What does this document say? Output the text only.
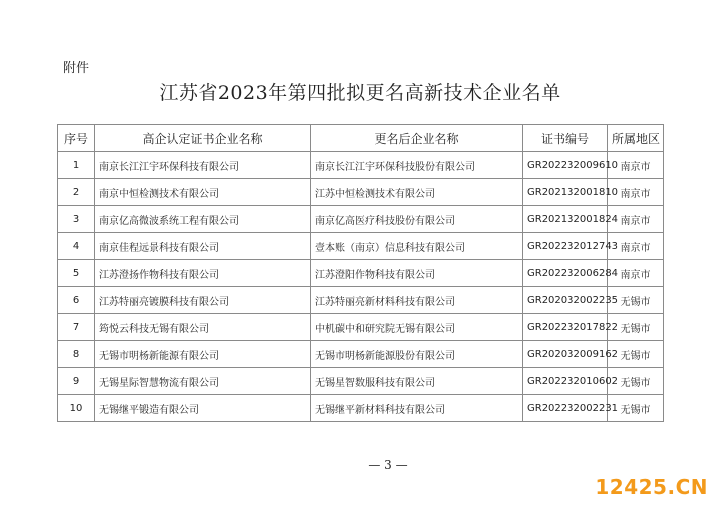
附件
江苏省2023年第四批拟更名高新技术企业名单
序号	高企认定证书企业名称	更名后企业名称	证书编号	所属地区
1	南京长江江宇环保科技有限公司	南京长江江宇环保科技股份有限公司	GR202232009610	南京市
2	南京中恒检测技术有限公司	江苏中恒检测技术有限公司	GR202132001810	南京市
3	南京亿高微波系统工程有限公司	南京亿高医疗科技股份有限公司	GR202132001824	南京市
4	南京佳程远景科技有限公司	壹本账（南京）信息科技有限公司	GR202232012743	南京市
5	江苏澄扬作物科技有限公司	江苏澄阳作物科技有限公司	GR202232006284	南京市
6	江苏特丽亮镀膜科技有限公司	江苏特丽亮新材料科技有限公司	GR202032002235	无锡市
7	筠悦云科技无锡有限公司	中机碳中和研究院无锡有限公司	GR202232017822	无锡市
8	无锡市明杨新能源有限公司	无锡市明杨新能源股份有限公司	GR202032009162	无锡市
9	无锡星际智慧物流有限公司	无锡星智数服科技有限公司	GR202232010602	无锡市
10	无锡继平锻造有限公司	无锡继平新材料科技有限公司	GR202232002231	无锡市
— 3 —
12425.CN
